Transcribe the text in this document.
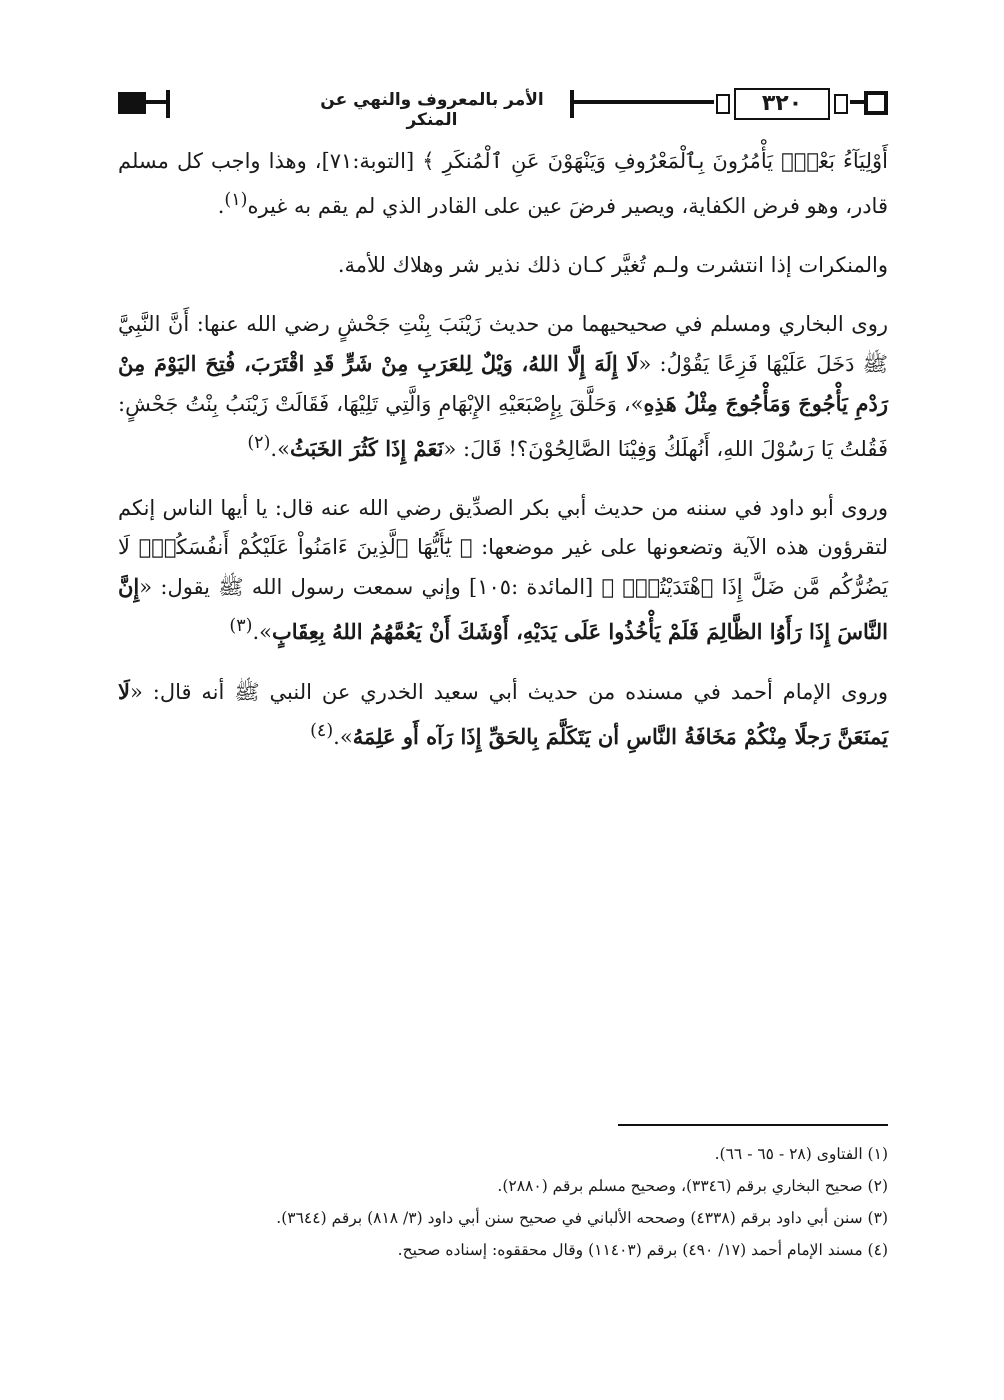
الأمر بالمعروف والنهي عن المنكر
٣٢٠

أَوْلِيَآءُ بَعْضٍۚ يَأْمُرُونَ بِٱلْمَعْرُوفِ وَيَنْهَوْنَ عَنِ ٱلْمُنكَرِ ﴾ [التوبة:٧١]، وهذا واجب كل مسلم قادر، وهو فرض الكفاية، ويصير فرضَ عين على القادر الذي لم يقم به غيره$^{(١)}$.

والمنكرات إذا انتشرت ولـم تُغيَّر كـان ذلك نذير شر وهلاك للأمة.

روى البخاري ومسلم في صحيحيهما من حديث زَيْنَبَ بِنْتِ جَحْشٍ رضي الله عنها: أَنَّ النَّبِيَّ ﷺ دَخَلَ عَلَيْهَا فَزِعًا يَقُوْلُ: «لَا إِلَهَ إِلَّا اللهُ، وَيْلٌ لِلعَرَبِ مِنْ شَرٍّ قَدِ اقْتَرَبَ، فُتِحَ اليَوْمَ مِنْ رَدْمِ يَأْجُوجَ وَمَأْجُوجَ مِثْلُ هَذِهِ»، وَحَلَّقَ بِإِصْبَعَيْهِ الإِبْهَامِ وَالَّتِي تَلِيْهَا، فَقَالَتْ زَيْنَبُ بِنْتُ جَحْشٍ: فَقُلتُ يَا رَسُوْلَ اللهِ، أَنُهلَكُ وَفِيْنَا الصَّالِحُوْنَ؟! قَالَ: «نَعَمْ إِذَا كَثُرَ الخَبَثُ».$^{(٢)}$

وروى أبو داود في سننه من حديث أبي بكر الصدِّيق رضي الله عنه قال: يا أيها الناس إنكم لتقرؤون هذه الآية وتضعونها على غير موضعها: ﴿ يَٰٓأَيُّهَا ٱلَّذِينَ ءَامَنُواْ عَلَيْكُمْ أَنفُسَكُمْۖ لَا يَضُرُّكُم مَّن ضَلَّ إِذَا ٱهْتَدَيْتُمْۚ ﴾ [المائدة :١٠٥] وإني سمعت رسول الله ﷺ يقول: «إِنَّ النَّاسَ إِذَا رَأَوُا الظَّالِمَ فَلَمْ يَأْخُذُوا عَلَى يَدَيْهِ، أَوْشَكَ أَنْ يَعُمَّهُمُ اللهُ بِعِقَابٍ».$^{(٣)}$

وروى الإمام أحمد في مسنده من حديث أبي سعيد الخدري عن النبي ﷺ أنه قال: «لَا يَمنَعَنَّ رَجلًا مِنْكُمْ مَخَافَةُ النَّاسِ أن يَتَكَلَّمَ بِالحَقِّ إِذَا رَآه أَو عَلِمَهُ».$^{(٤)}$

(١) الفتاوى (٢٨ - ٦٥ - ٦٦).

(٢) صحيح البخاري برقم (٣٣٤٦)، وصحيح مسلم برقم (٢٨٨٠).

(٣) سنن أبي داود برقم (٤٣٣٨) وصححه الألباني في صحيح سنن أبي داود (٣/ ٨١٨) برقم (٣٦٤٤).

(٤) مسند الإمام أحمد (١٧/ ٤٩٠) برقم (١١٤٠٣) وقال محققوه: إسناده صحيح.
